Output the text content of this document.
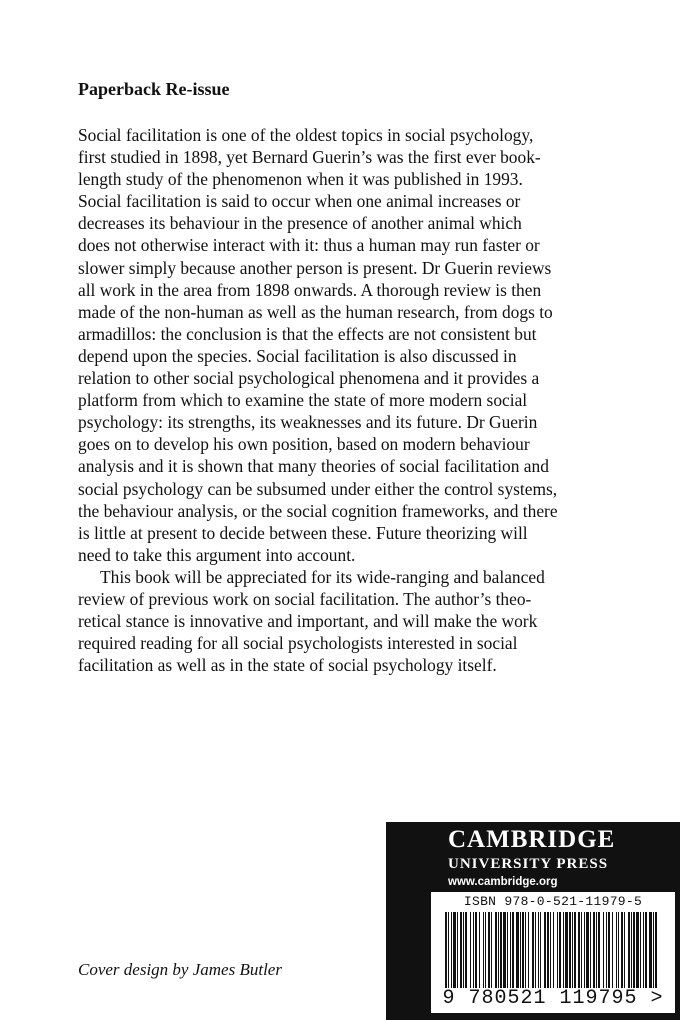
Paperback Re-issue
Social facilitation is one of the oldest topics in social psychology,
first studied in 1898, yet Bernard Guerin’s was the first ever book-
length study of the phenomenon when it was published in 1993.
Social facilitation is said to occur when one animal increases or
decreases its behaviour in the presence of another animal which
does not otherwise interact with it: thus a human may run faster or
slower simply because another person is present. Dr Guerin reviews
all work in the area from 1898 onwards. A thorough review is then
made of the non-human as well as the human research, from dogs to
armadillos: the conclusion is that the effects are not consistent but
depend upon the species. Social facilitation is also discussed in
relation to other social psychological phenomena and it provides a
platform from which to examine the state of more modern social
psychology: its strengths, its weaknesses and its future. Dr Guerin
goes on to develop his own position, based on modern behaviour
analysis and it is shown that many theories of social facilitation and
social psychology can be subsumed under either the control systems,
the behaviour analysis, or the social cognition frameworks, and there
is little at present to decide between these. Future theorizing will
need to take this argument into account.
This book will be appreciated for its wide-ranging and balanced
review of previous work on social facilitation. The author’s theo-
retical stance is innovative and important, and will make the work
required reading for all social psychologists interested in social
facilitation as well as in the state of social psychology itself.
Cover design by James Butler
CAMBRIDGE
UNIVERSITY PRESS
www.cambridge.org
ISBN 978-0-521-11979-5
9 780521 119795 >
